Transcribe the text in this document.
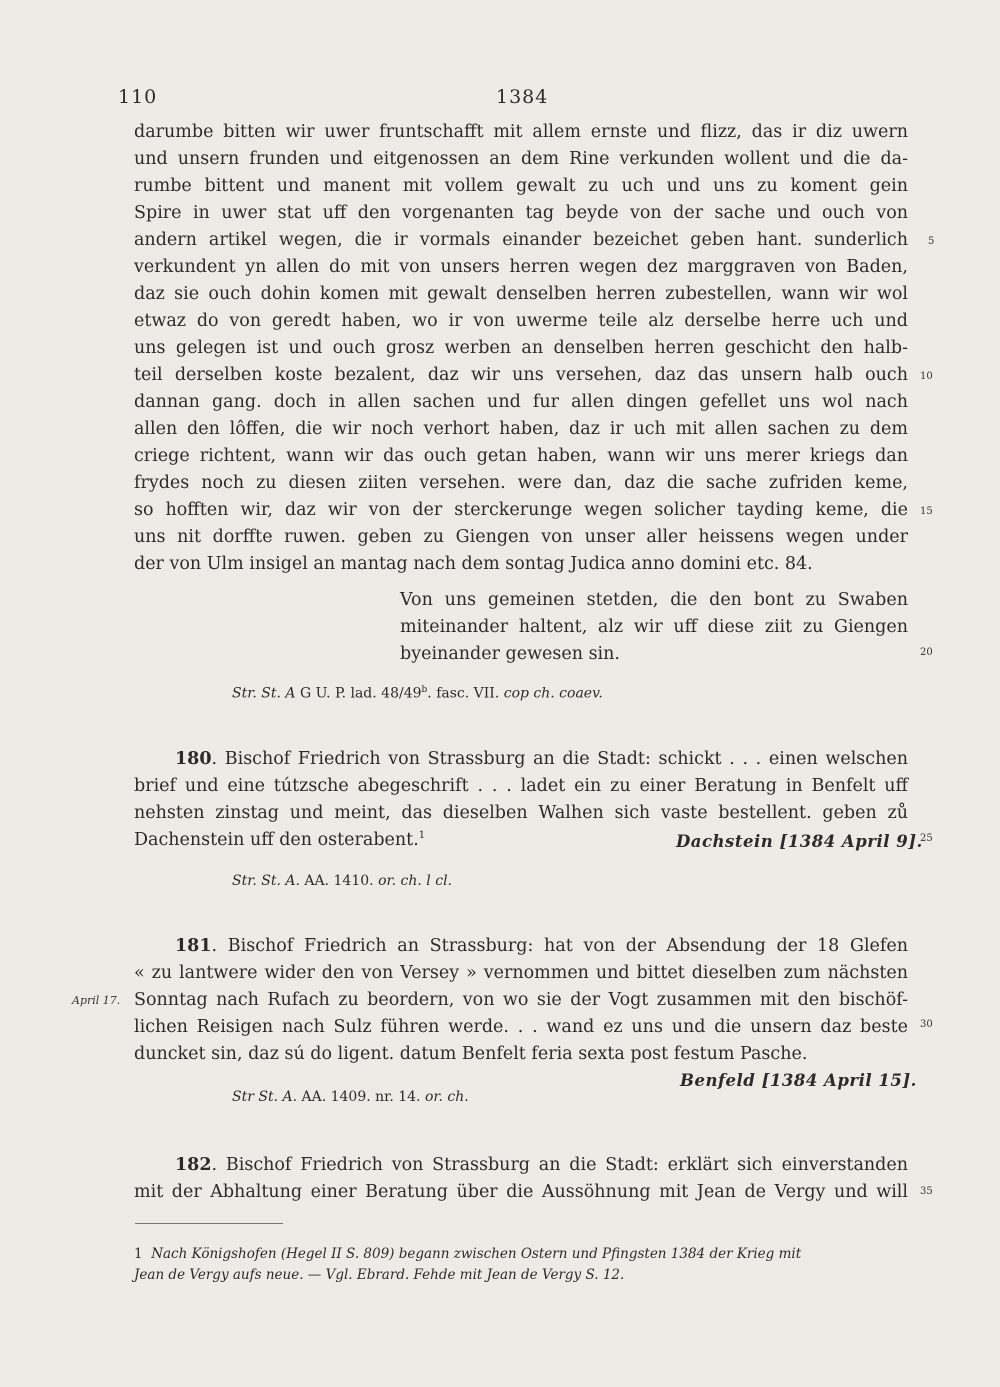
110	1384
darumbe bitten wir uwer fruntschafft mit allem ernste und flizz, das ir diz uwern
und unsern frunden und eitgenossen an dem Rine verkunden wollent und die da-
rumbe bittent und manent mit vollem gewalt zu uch und uns zu koment gein
Spire in uwer stat uff den vorgenanten tag beyde von der sache und ouch von
andern artikel wegen, die ir vormals einander bezeichet geben hant. sunderlich
verkundent yn allen do mit von unsers herren wegen dez marggraven von Baden,
daz sie ouch dohin komen mit gewalt denselben herren zubestellen, wann wir wol
etwaz do von geredt haben, wo ir von uwerme teile alz derselbe herre uch und
uns gelegen ist und ouch grosz werben an denselben herren geschicht den halb-
teil derselben koste bezalent, daz wir uns versehen, daz das unsern halb ouch
dannan gang. doch in allen sachen und fur allen dingen gefellet uns wol nach
allen den lôffen, die wir noch verhort haben, daz ir uch mit allen sachen zu dem
criege richtent, wann wir das ouch getan haben, wann wir uns merer kriegs dan
frydes noch zu diesen ziiten versehen. were dan, daz die sache zufriden keme,
so hofften wir, daz wir von der sterckerunge wegen solicher tayding keme, die
uns nit dorffte ruwen. geben zu Giengen von unser aller heissens wegen under
der von Ulm insigel an mantag nach dem sontag Judica anno domini etc. 84.
Von uns gemeinen stetden, die den bont zu Swaben
miteinander haltent, alz wir uff diese ziit zu Giengen
byeinander gewesen sin.
Str. St. A G U. P. lad. 48/49$^b$. fasc. VII. cop ch. coaev.
180. Bischof Friedrich von Strassburg an die Stadt: schickt . . . einen welschen
brief und eine tútzsche abegeschrift . . . ladet ein zu einer Beratung in Benfelt uff
nehsten zinstag und meint, das dieselben Walhen sich vaste bestellent. geben zů
Dachenstein uff den osterabent.$^1$	Dachstein [1384 April 9].
Str. St. A. AA. 1410. or. ch. l cl.
181. Bischof Friedrich an Strassburg: hat von der Absendung der 18 Glefen
« zu lantwere wider den von Versey » vernommen und bittet dieselben zum nächsten
April 17. Sonntag nach Rufach zu beordern, von wo sie der Vogt zusammen mit den bischöf-
lichen Reisigen nach Sulz führen werde. . . wand ez uns und die unsern daz beste
duncket sin, daz sú do ligent. datum Benfelt feria sexta post festum Pasche.
Benfeld [1384 April 15].
Str St. A. AA. 1409. nr. 14. or. ch.
182. Bischof Friedrich von Strassburg an die Stadt: erklärt sich einverstanden
mit der Abhaltung einer Beratung über die Aussöhnung mit Jean de Vergy und will
5
10
15
20
25
30
35
1 Nach Königshofen (Hegel II S. 809) begann zwischen Ostern und Pfingsten 1384 der Krieg mit
Jean de Vergy aufs neue. — Vgl. Ebrard. Fehde mit Jean de Vergy S. 12.
